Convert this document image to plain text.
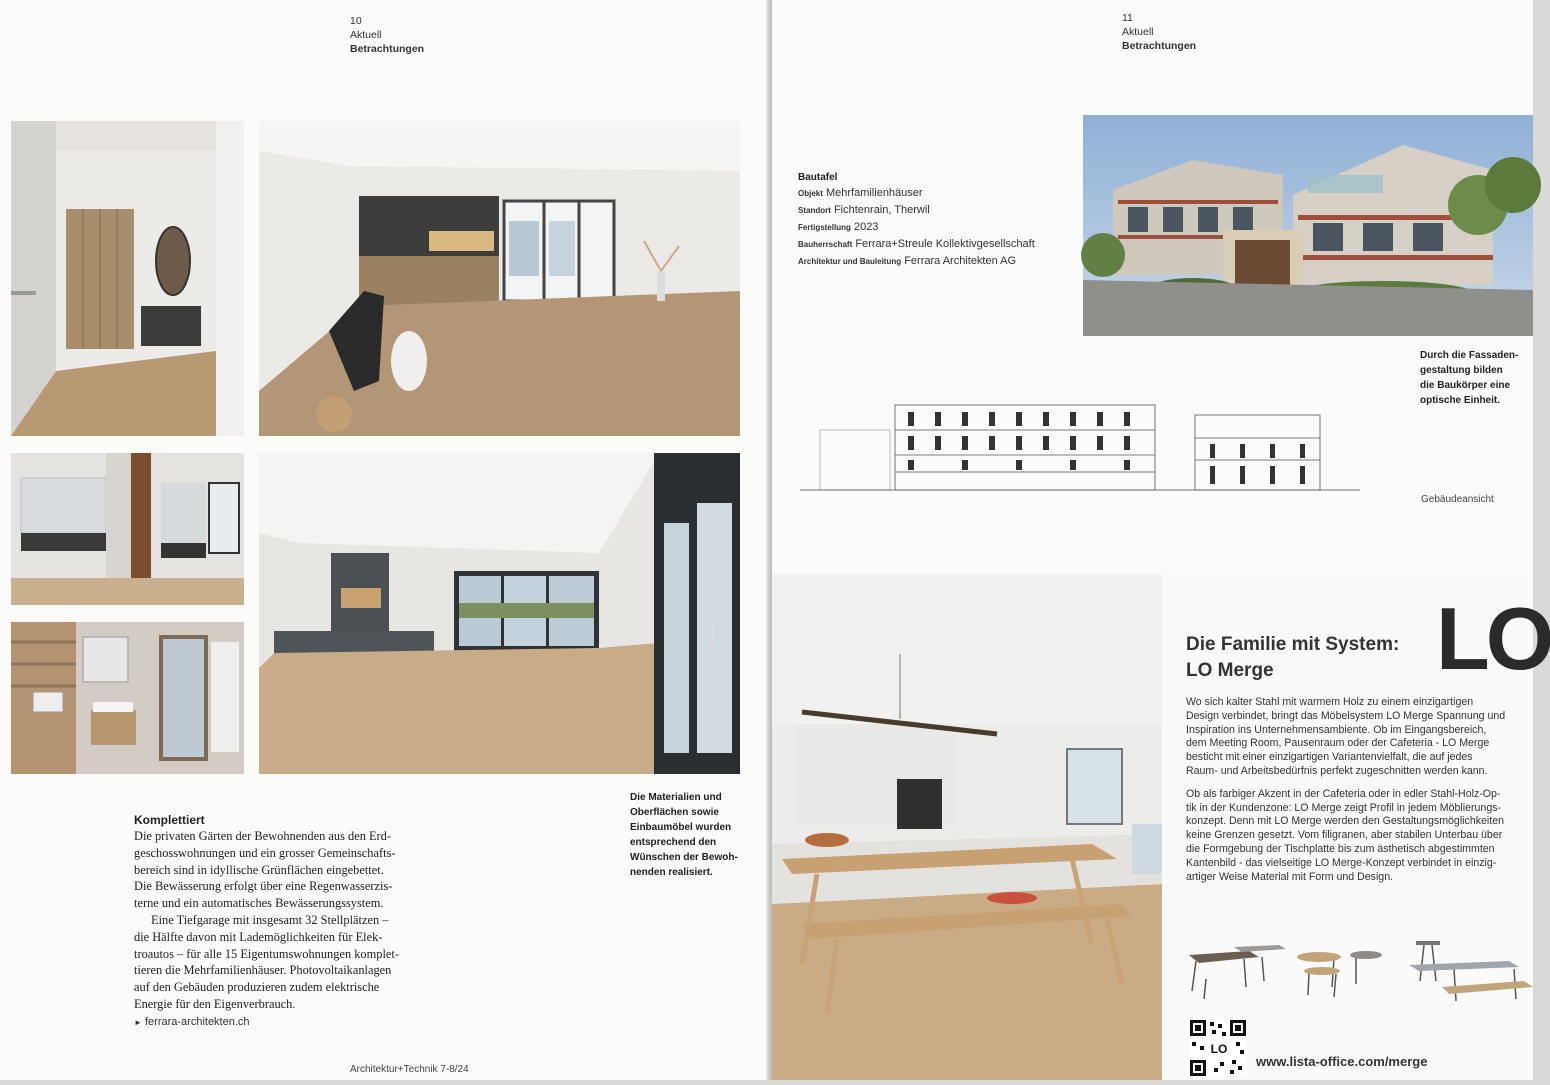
10
Aktuell
Betrachtungen
Die Materialien und
Oberflächen sowie
Einbaumöbel wurden
entsprechend den
Wünschen der Bewoh-
nenden realisiert.
Komplettiert
Die privaten Gärten der Bewohnenden aus den Erd-
geschosswohnungen und ein grosser Gemeinschafts-
bereich sind in idyllische Grünflächen eingebettet.
Die Bewässerung erfolgt über eine Regenwasserzis-
terne und ein automatisches Bewässerungssystem.
Eine Tiefgarage mit insgesamt 32 Stellplätzen –
die Hälfte davon mit Lademöglichkeiten für Elek-
troautos – für alle 15 Eigentumswohnungen komplet-
tieren die Mehrfamilienhäuser. Photovoltaikanlagen
auf den Gebäuden produzieren zudem elektrische
Energie für den Eigenverbrauch.
► ferrara-architekten.ch
Architektur+Technik 7-8/24
11
Aktuell
Betrachtungen
Bautafel
Objekt Mehrfamilienhäuser
Standort Fichtenrain, Therwil
Fertigstellung 2023
Bauherrschaft Ferrara+Streule Kollektivgesellschaft
Architektur und Bauleitung Ferrara Architekten AG
Durch die Fassaden-
gestaltung bilden
die Baukörper eine
optische Einheit.
Gebäudeansicht
LO
Die Familie mit System:
LO Merge

Wo sich kalter Stahl mit warmem Holz zu einem einzigartigen
Design verbindet, bringt das Möbelsystem LO Merge Spannung und
Inspiration ins Unternehmensambiente. Ob im Eingangsbereich,
dem Meeting Room, Pausenraum oder der Cafeteria - LO Merge
besticht mit einer einzigartigen Variantenvielfalt, die auf jedes
Raum- und Arbeitsbedürfnis perfekt zugeschnitten werden kann.

Ob als farbiger Akzent in der Cafeteria oder in edler Stahl-Holz-Op-
tik in der Kundenzone: LO Merge zeigt Profil in jedem Möblierungs-
konzept. Denn mit LO Merge werden den Gestaltungsmöglichkeiten
keine Grenzen gesetzt. Vom filigranen, aber stabilen Unterbau über
die Formgebung der Tischplatte bis zum ästhetisch abgestimmten
Kantenbild - das vielseitige LO Merge-Konzept verbindet in einzig-
artiger Weise Material mit Form und Design.

LO
www.lista-office.com/merge
